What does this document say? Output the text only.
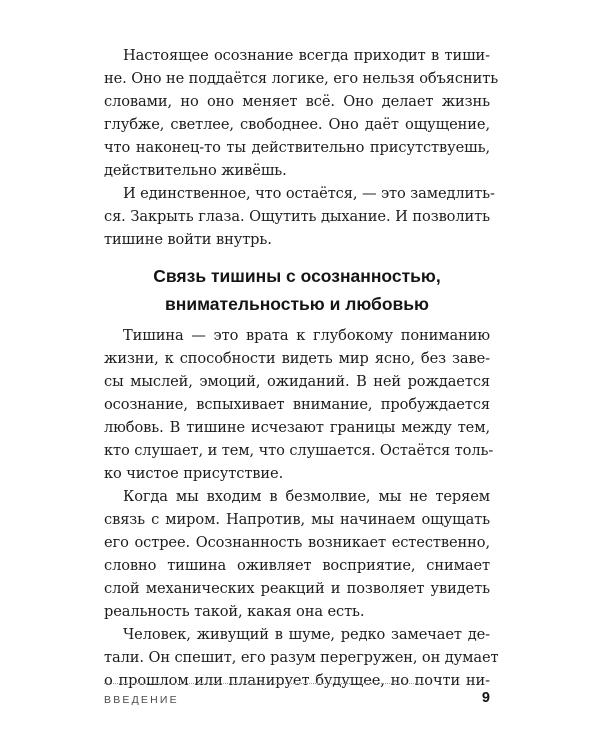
Настоящее осознание всегда приходит в тиши-
не. Оно не поддаётся логике, его нельзя объяснить
словами, но оно меняет всё. Оно делает жизнь
глубже, светлее, свободнее. Оно даёт ощущение,
что наконец-то ты действительно присутствуешь,
действительно живёшь.
И единственное, что остаётся, — это замедлить-
ся. Закрыть глаза. Ощутить дыхание. И позволить
тишине войти внутрь.
Связь тишины с осознанностью,
внимательностью и любовью
Тишина — это врата к глубокому пониманию
жизни, к способности видеть мир ясно, без заве-
сы мыслей, эмоций, ожиданий. В ней рождается
осознание, вспыхивает внимание, пробуждается
любовь. В тишине исчезают границы между тем,
кто слушает, и тем, что слушается. Остаётся толь-
ко чистое присутствие.
Когда мы входим в безмолвие, мы не теряем
связь с миром. Напротив, мы начинаем ощущать
его острее. Осознанность возникает естественно,
словно тишина оживляет восприятие, снимает
слой механических реакций и позволяет увидеть
реальность такой, какая она есть.
Человек, живущий в шуме, редко замечает де-
тали. Он спешит, его разум перегружен, он думает
о прошлом или планирует будущее, но почти ни-
ВВЕДЕНИЕ	9
